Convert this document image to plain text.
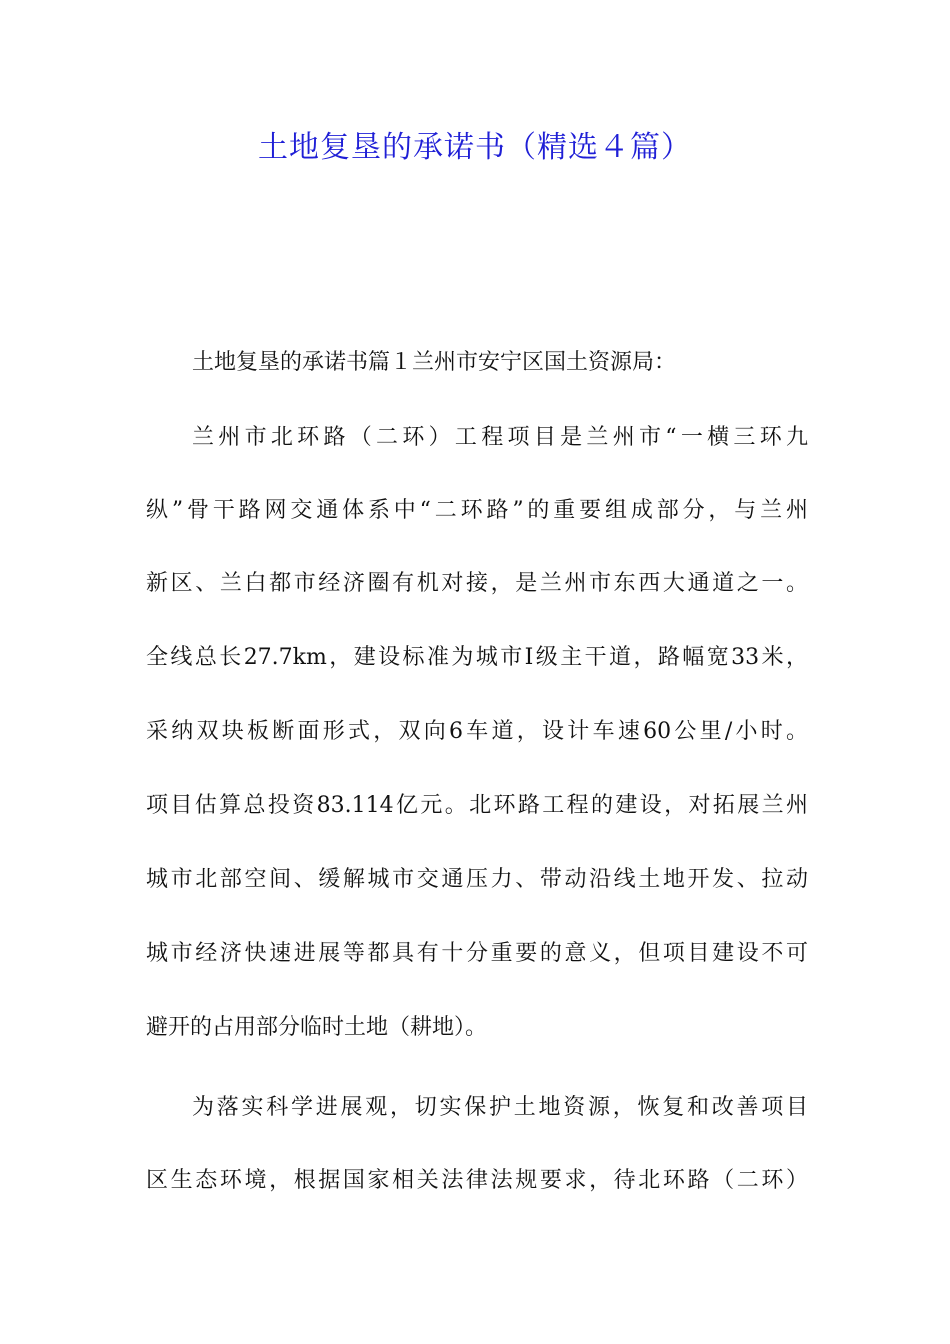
土地复垦的承诺书（精选４篇）
土地复垦的承诺书篇１兰州市安宁区国土资源局：
兰州市北环路（二环）工程项目是兰州市“一横三环九
纵”骨干路网交通体系中“二环路”的重要组成部分，与兰州
新区、兰白都市经济圈有机对接，是兰州市东西大通道之一。
全线总长27.7km，建设标准为城市Ⅰ级主干道，路幅宽33米，
采纳双块板断面形式，双向6车道，设计车速60公里/小时。
项目估算总投资83.114亿元。北环路工程的建设，对拓展兰州
城市北部空间、缓解城市交通压力、带动沿线土地开发、拉动
城市经济快速进展等都具有十分重要的意义，但项目建设不可
避开的占用部分临时土地（耕地）。
为落实科学进展观，切实保护土地资源，恢复和改善项目
区生态环境，根据国家相关法律法规要求，待北环路（二环）
